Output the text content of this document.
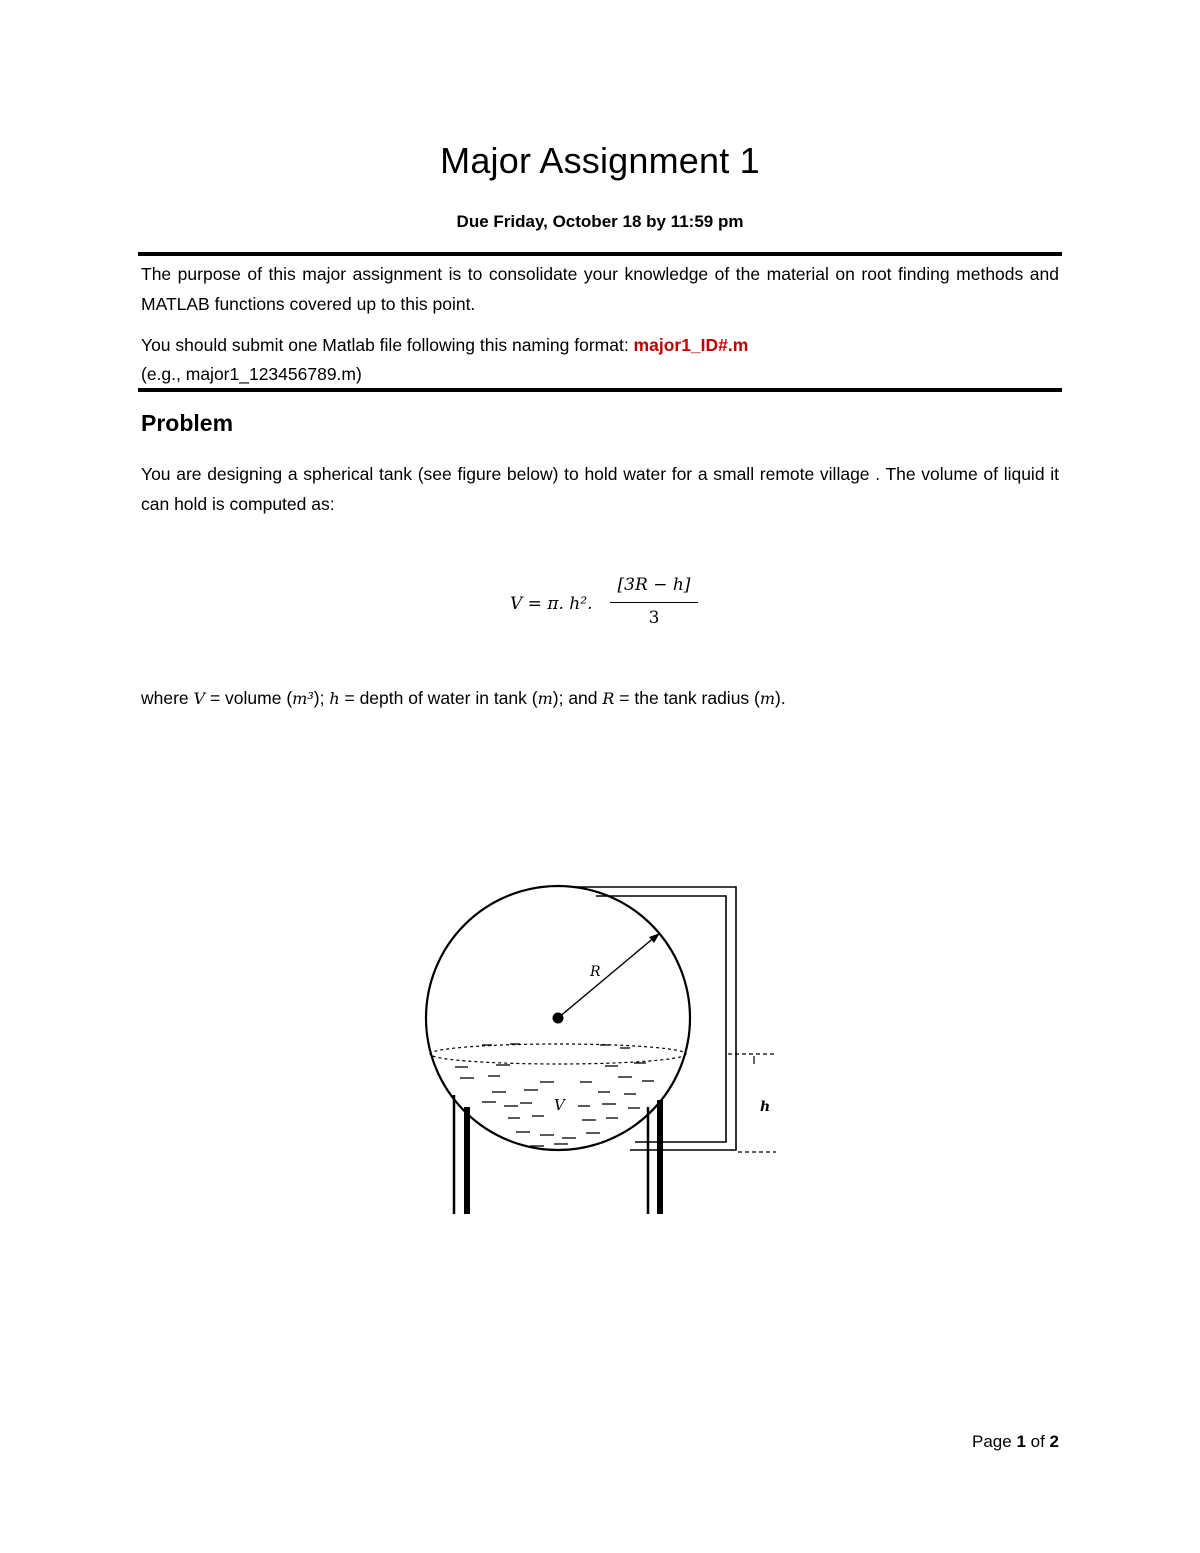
Major Assignment 1
Due Friday, October 18 by 11:59 pm
The purpose of this major assignment is to consolidate your knowledge of the material on root finding methods and MATLAB functions covered up to this point.
You should submit one Matlab file following this naming format: major1_ID#.m
(e.g., major1_123456789.m)
Problem
You are designing a spherical tank (see figure below) to hold water for a small remote village . The volume of liquid it can hold is computed as:
V = π. h².
[3R − h]
3
where V = volume (m³); h = depth of water in tank (m); and R = the tank radius (m).
R
V	h
Page 1 of 2
